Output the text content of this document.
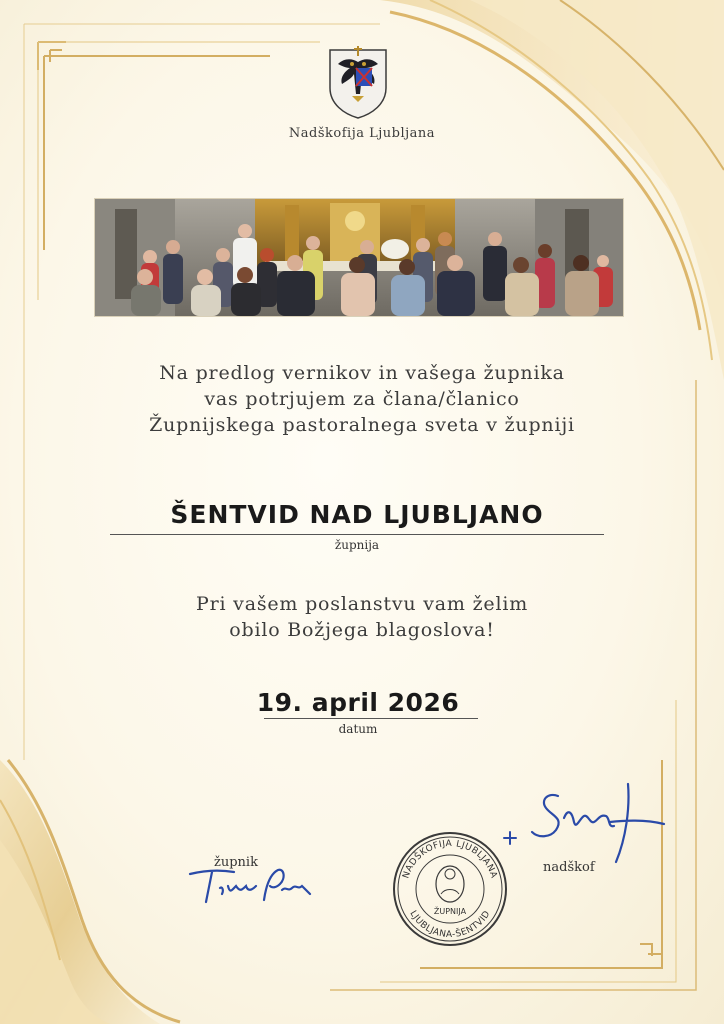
Nadškofija Ljubljana
Na predlog vernikov in vašega župnika
vas potrjujem za člana/članico
Župnijskega pastoralnega sveta v župniji
ŠENTVID NAD LJUBLJANO
župnija
Pri vašem poslanstvu vam želim
obilo Božjega blagoslova!
19. april 2026
datum
župnik	nadškof
NADŠKOFIJA LJUBLJANA
LJUBLJANA-ŠENTVID
ŽUPNIJA
